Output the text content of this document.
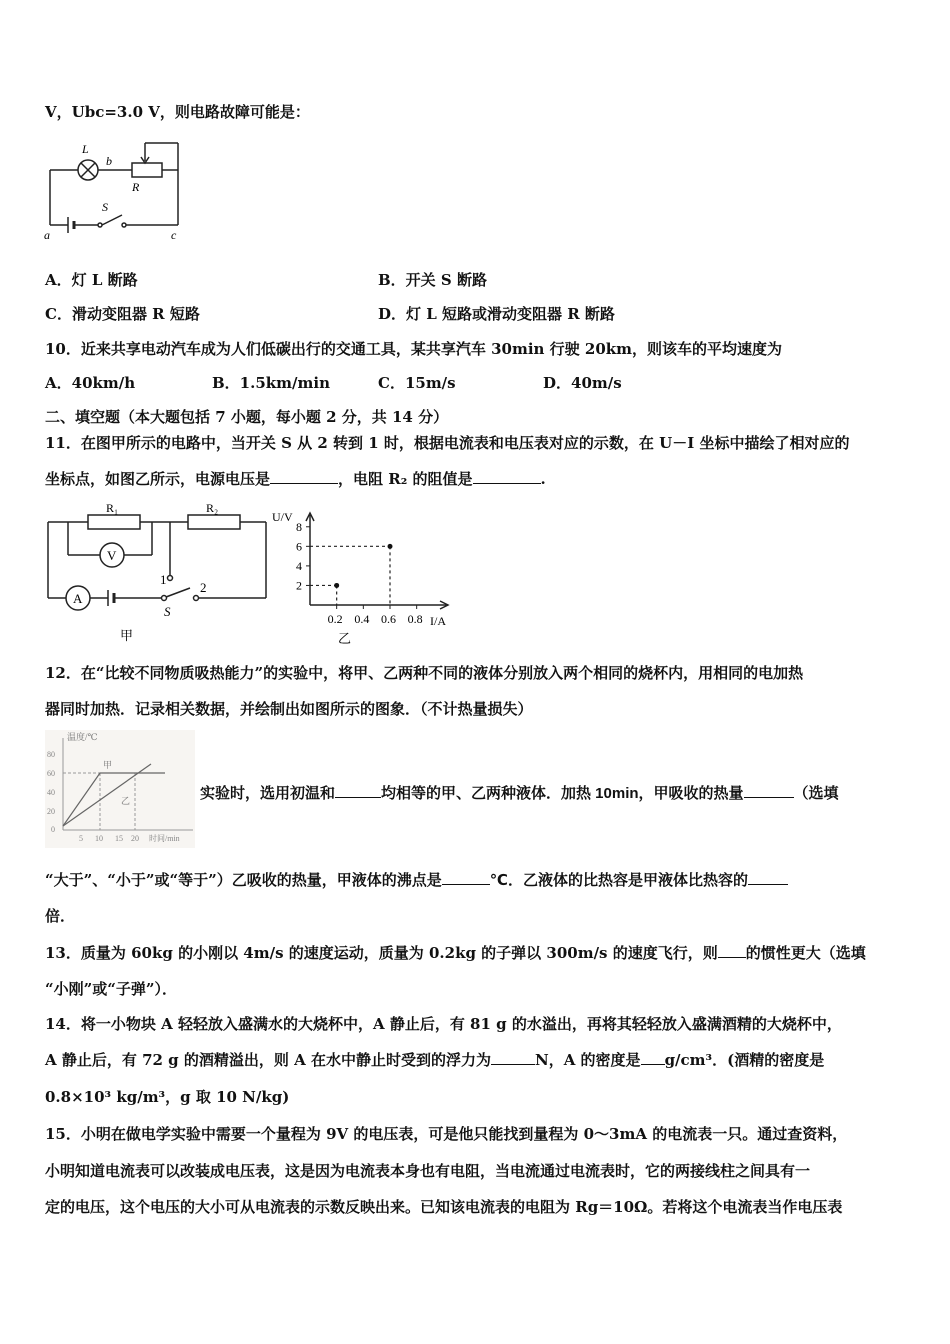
V，Ubc=3.0 V，则电路故障可能是：
L
b
R
S
a	c
A．灯 L 断路	B．开关 S 断路
C．滑动变阻器 R 短路	D．灯 L 短路或滑动变阻器 R 断路
10．近来共享电动汽车成为人们低碳出行的交通工具，某共享汽车 30min 行驶 20km，则该车的平均速度为
A．40km/h	B．1.5km/min	C．15m/s	D．40m/s
二、填空题（本大题包括 7 小题，每小题 2 分，共 14 分）
11．在图甲所示的电路中，当开关 S 从 2 转到 1 时，根据电流表和电压表对应的示数，在 U－I 坐标中描绘了相对应的
坐标点，如图乙所示，电源电压是	，电阻 R₂ 的阻值是	.
R₁	R₂
V
A
1
2
S
甲
U/V
I/A
乙
2
4
6
8
0.2 0.4 0.6 0.8
12．在“比较不同物质吸热能力”的实验中，将甲、乙两种不同的液体分别放入两个相同的烧杯内，用相同的电加热
器同时加热．记录相关数据，并绘制出如图所示的图象．（不计热量损失）
温度/℃
80
60
40
20
0
5 10 15 20 时间/min
甲
乙	实验时，选用初温和	均相等的甲、乙两种液体．加热 10min，甲吸收的热量	（选填
“大于”、“小于”或“等于”）乙吸收的热量，甲液体的沸点是	℃．乙液体的比热容是甲液体比热容的
倍．
13．质量为 60kg 的小刚以 4m/s 的速度运动，质量为 0.2kg 的子弹以 300m/s 的速度飞行，则 的惯性更大（选填
“小刚”或“子弹”）．
14．将一小物块 A 轻轻放入盛满水的大烧杯中，A 静止后，有 81 g 的水溢出，再将其轻轻放入盛满酒精的大烧杯中，
A 静止后，有 72 g 的酒精溢出，则 A 在水中静止时受到的浮力为	N，A 的密度是 g/cm³．(酒精的密度是
0.8×10³ kg/m³，g 取 10 N/kg)
15．小明在做电学实验中需要一个量程为 9V 的电压表，可是他只能找到量程为 0～3mA 的电流表一只。通过查资料，
小明知道电流表可以改装成电压表，这是因为电流表本身也有电阻，当电流通过电流表时，它的两接线柱之间具有一
定的电压，这个电压的大小可从电流表的示数反映出来。已知该电流表的电阻为 Rg＝10Ω。若将这个电流表当作电压表
